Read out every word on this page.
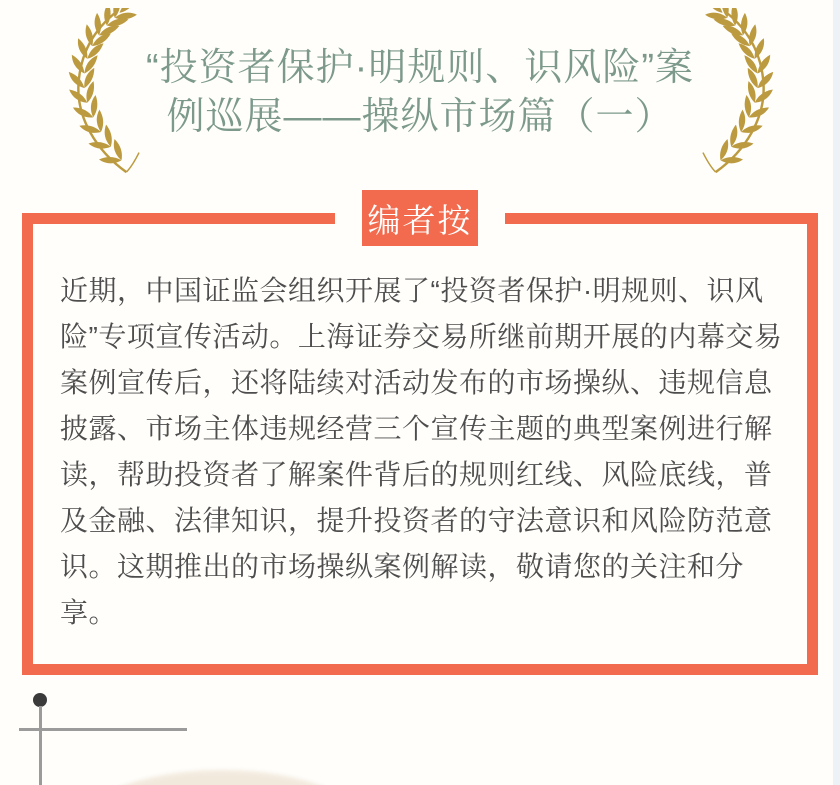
“投资者保护·明规则、识风险”案
例巡展——操纵市场篇（一）
编者按

近期，中国证监会组织开展了“投资者保护·明规则、识风险”专项宣传活动。上海证券交易所继前期开展的内幕交易案例宣传后，还将陆续对活动发布的市场操纵、违规信息披露、市场主体违规经营三个宣传主题的典型案例进行解读，帮助投资者了解案件背后的规则红线、风险底线，普及金融、法律知识，提升投资者的守法意识和风险防范意识。这期推出的市场操纵案例解读，敬请您的关注和分享。
